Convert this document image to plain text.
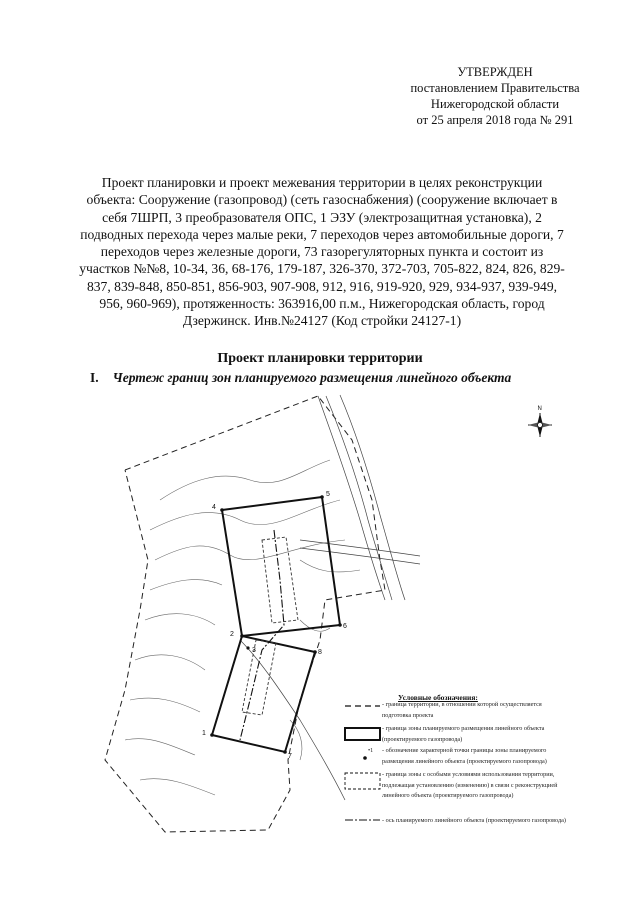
УТВЕРЖДЕН
постановлением Правительства
Нижегородской области
от 25 апреля 2018 года № 291
Проект планировки и проект межевания территории в целях реконструкции
объекта: Сооружение (газопровод) (сеть газоснабжения) (сооружение включает в
себя 7ШРП, 3 преобразователя ОПС, 1 ЭЗУ (электрозащитная установка), 2
подводных перехода через малые реки, 7 переходов через автомобильные дороги, 7
переходов через железные дороги, 73 газорегуляторных пункта и состоит из
участков №№8, 10-34, 36, 68-176, 179-187, 326-370, 372-703, 705-822, 824, 826, 829-
837, 839-848, 850-851, 856-903, 907-908, 912, 916, 919-920, 929, 934-937, 939-949,
956, 960-969), протяженность: 363916,00 п.м., Нижегородская область, город
Дзержинск. Инв.№24127 (Код стройки 24127-1)
Проект планировки территории
I. Чертеж границ зон планируемого размещения линейного объекта
4
5
6
2
8
7
1
3
N
Условные обозначения:
- граница территории, в отношении которой осуществляется
подготовка проекта
- граница зоны планируемого размещения линейного объекта
(проектируемого газопровода)
•1 - обозначение характерной точки границы зоны планируемого
размещения линейного объекта (проектируемого газопровода)
- граница зоны с особыми условиями использования территории,
подлежащая установлению (изменению) в связи с реконструкцией
линейного объекта (проектируемого газопровода)
- ось планируемого линейного объекта (проектируемого газопровода)
